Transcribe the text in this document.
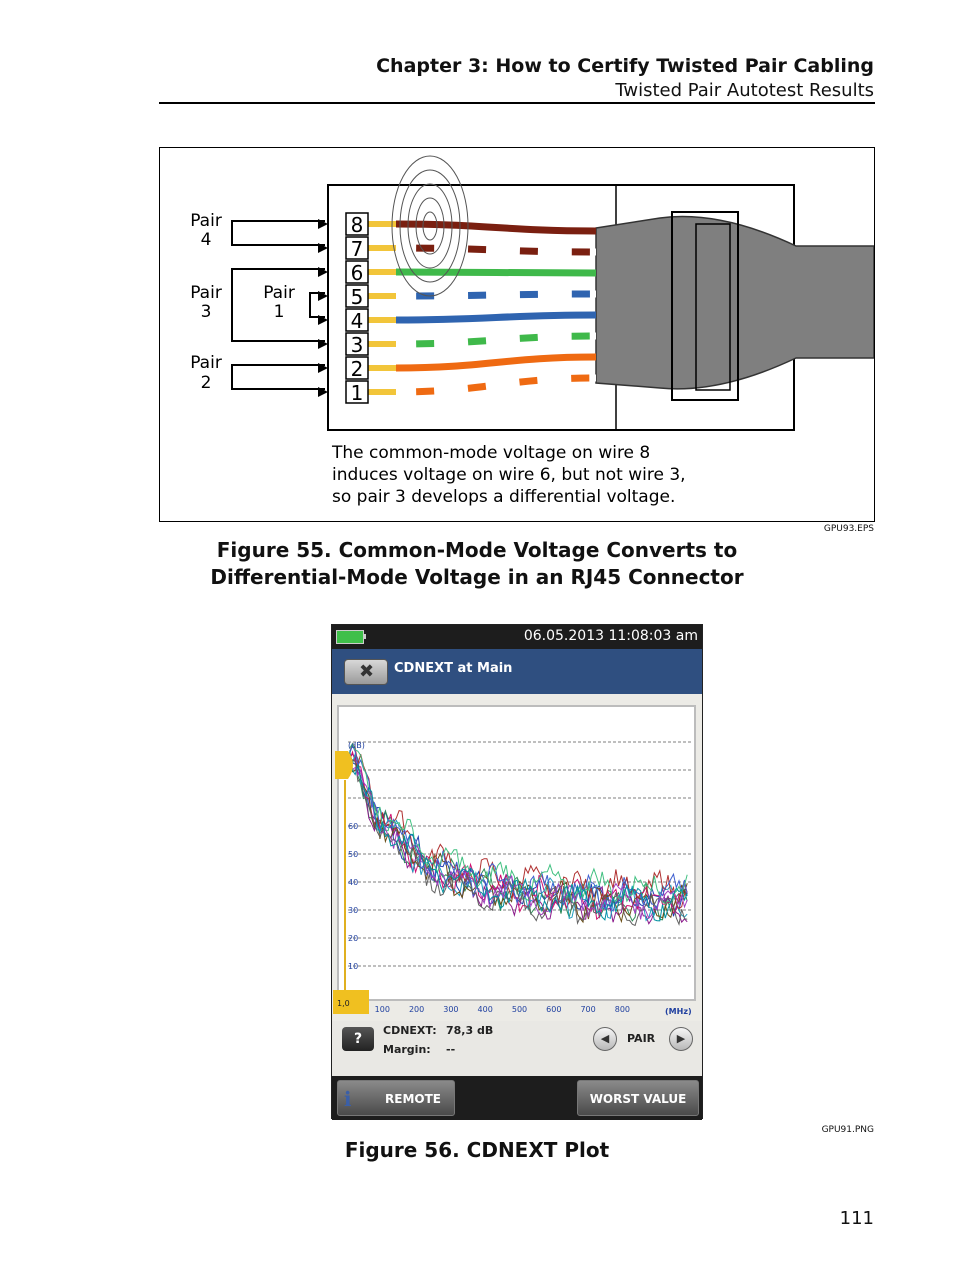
Chapter 3: How to Certify Twisted Pair Cabling
Twisted Pair Autotest Results
8
7
6
5
4
3
2
1
Pair
4
Pair
3
Pair
1
Pair
2
The common-mode voltage on wire 8
induces voltage on wire 6, but not wire 3,
so pair 3 develops a differential voltage.
GPU93.EPS
Figure 55. Common-Mode Voltage Converts to
Differential-Mode Voltage in an RJ45 Connector
06.05.2013 11:08:03 am
✖ CDNEXT at Main
10
20
30
40
50
60
100 200 300 400 500 600 700 800
(dB)
(MHz)
1,0
?
CDNEXT: 78,3 dB
Margin: --
◀	PAIR	▶
ℹ	REMOTE	WORST VALUE
GPU91.PNG
Figure 56. CDNEXT Plot
111
